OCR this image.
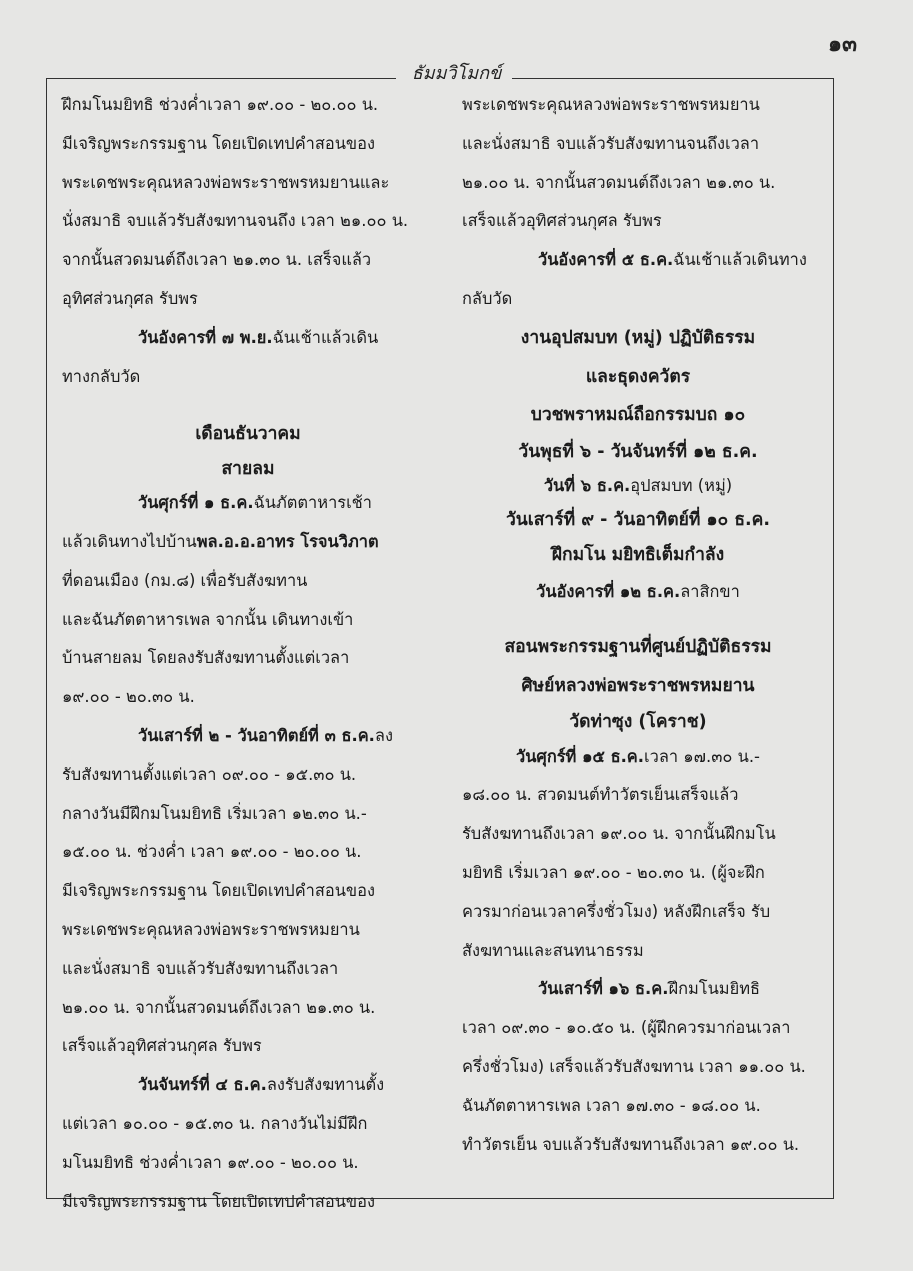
๑๓
ธัมมวิโมกข์
ฝึกมโนมยิทธิ ช่วงค่ำเวลา ๑๙.๐๐ - ๒๐.๐๐ น.
มีเจริญพระกรรมฐาน โดยเปิดเทปคำสอนของ
พระเดชพระคุณหลวงพ่อพระราชพรหมยานและ
นั่งสมาธิ จบแล้วรับสังฆทานจนถึง เวลา ๒๑.๐๐ น.
จากนั้นสวดมนต์ถึงเวลา ๒๑.๓๐ น. เสร็จแล้ว
อุทิศส่วนกุศล รับพร
วันอังคารที่ ๗ พ.ย. ฉันเช้าแล้วเดิน
ทางกลับวัด
เดือนธันวาคม
สายลม
วันศุกร์ที่ ๑ ธ.ค.ฉันภัตตาหารเช้า
แล้วเดินทางไปบ้านพล.อ.อ.อาทร โรจนวิภาต
ที่ดอนเมือง (กม.๘) เพื่อรับสังฆทาน
และฉันภัตตาหารเพล จากนั้น เดินทางเข้า
บ้านสายลม โดยลงรับสังฆทานตั้งแต่เวลา
๑๙.๐๐ - ๒๐.๓๐ น.
วันเสาร์ที่ ๒ - วันอาทิตย์ที่ ๓ ธ.ค.ลง
รับสังฆทานตั้งแต่เวลา ๐๙.๐๐ - ๑๕.๓๐ น.
กลางวันมีฝึกมโนมยิทธิ เริ่มเวลา ๑๒.๓๐ น.-
๑๕.๐๐ น. ช่วงค่ำ เวลา ๑๙.๐๐ - ๒๐.๐๐ น.
มีเจริญพระกรรมฐาน โดยเปิดเทปคำสอนของ
พระเดชพระคุณหลวงพ่อพระราชพรหมยาน
และนั่งสมาธิ จบแล้วรับสังฆทานถึงเวลา
๒๑.๐๐ น. จากนั้นสวดมนต์ถึงเวลา ๒๑.๓๐ น.
เสร็จแล้วอุทิศส่วนกุศล รับพร
วันจันทร์ที่ ๔ ธ.ค.ลงรับสังฆทานตั้ง
แต่เวลา ๑๐.๐๐ - ๑๕.๓๐ น. กลางวันไม่มีฝึก
มโนมยิทธิ ช่วงค่ำเวลา ๑๙.๐๐ - ๒๐.๐๐ น.
มีเจริญพระกรรมฐาน โดยเปิดเทปคำสอนของ
พระเดชพระคุณหลวงพ่อพระราชพรหมยาน
และนั่งสมาธิ จบแล้วรับสังฆทานจนถึงเวลา
๒๑.๐๐ น. จากนั้นสวดมนต์ถึงเวลา ๒๑.๓๐ น.
เสร็จแล้วอุทิศส่วนกุศล รับพร
วันอังคารที่ ๕ ธ.ค. ฉันเช้าแล้วเดินทาง
กลับวัด
งานอุปสมบท (หมู่) ปฏิบัติธรรม
และธุดงควัตร
บวชพราหมณ์ถือกรรมบถ ๑๐
วันพุธที่ ๖ - วันจันทร์ที่ ๑๒ ธ.ค.
วันที่ ๖ ธ.ค.อุปสมบท (หมู่)
วันเสาร์ที่ ๙ - วันอาทิตย์ที่ ๑๐ ธ.ค.
ฝึกมโน มยิทธิเต็มกำลัง
วันอังคารที่ ๑๒ ธ.ค.ลาสิกขา
สอนพระกรรมฐานที่ศูนย์ปฏิบัติธรรม
ศิษย์หลวงพ่อพระราชพรหมยาน
วัดท่าซุง (โคราช)
วันศุกร์ที่ ๑๕ ธ.ค.เวลา ๑๗.๓๐ น.-
๑๘.๐๐ น. สวดมนต์ทำวัตรเย็นเสร็จแล้ว
รับสังฆทานถึงเวลา ๑๙.๐๐ น. จากนั้นฝึกมโน
มยิทธิ เริ่มเวลา ๑๙.๐๐ - ๒๐.๓๐ น. (ผู้จะฝึก
ควรมาก่อนเวลาครึ่งชั่วโมง) หลังฝึกเสร็จ รับ
สังฆทานและสนทนาธรรม
วันเสาร์ที่ ๑๖ ธ.ค.ฝึกมโนมยิทธิ
เวลา ๐๙.๓๐ - ๑๐.๕๐ น. (ผู้ฝึกควรมาก่อนเวลา
ครึ่งชั่วโมง) เสร็จแล้วรับสังฆทาน เวลา ๑๑.๐๐ น.
ฉันภัตตาหารเพล เวลา ๑๗.๓๐ - ๑๘.๐๐ น.
ทำวัตรเย็น จบแล้วรับสังฆทานถึงเวลา ๑๙.๐๐ น.
